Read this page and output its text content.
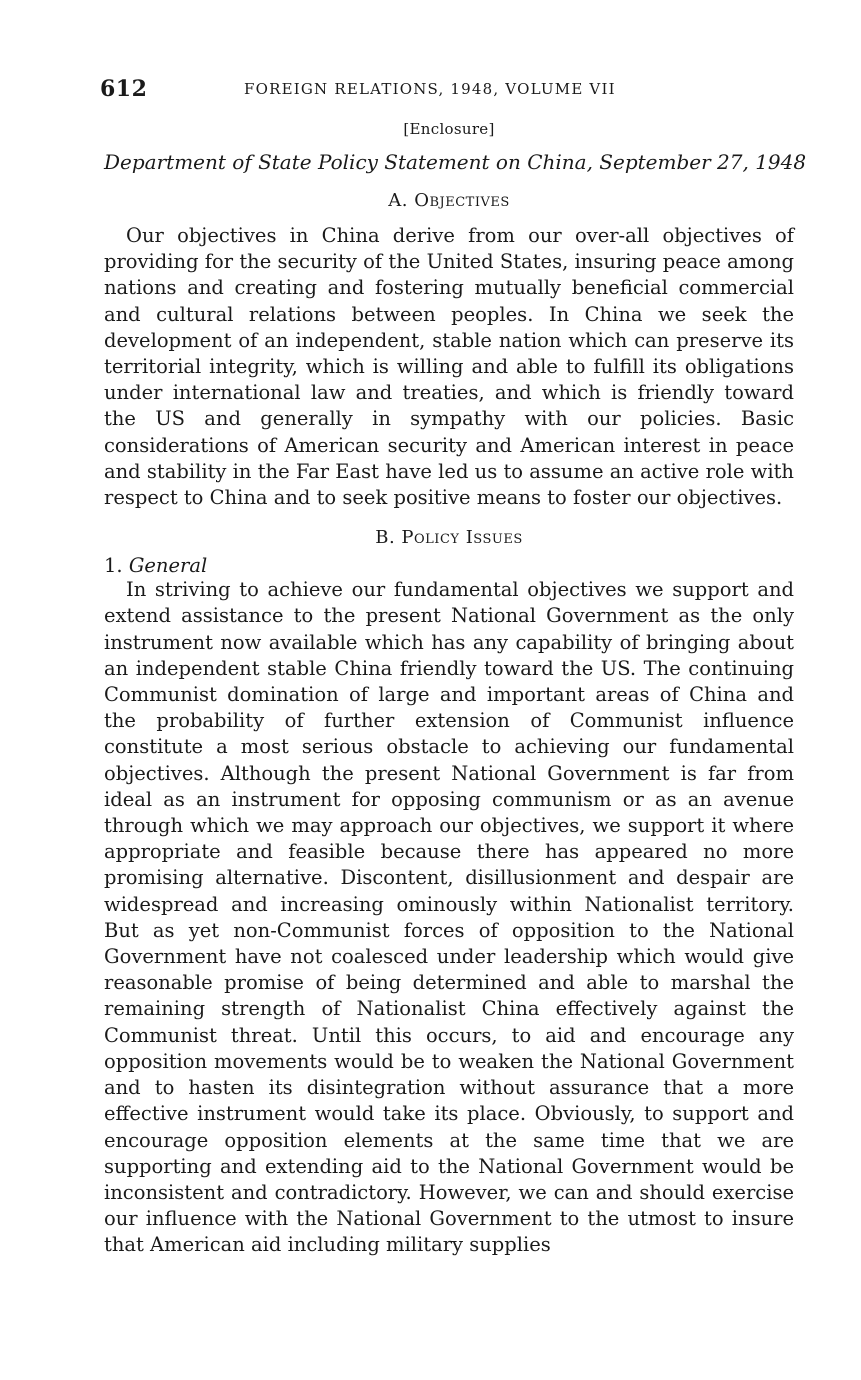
612	FOREIGN RELATIONS, 1948, VOLUME VII
[Enclosure]
Department of State Policy Statement on China, September 27, 1948
A. Objectives

Our objectives in China derive from our over-all objectives of providing for the security of the United States, insuring peace among nations and creating and fostering mutually beneficial commercial and cultural relations between peoples. In China we seek the development of an independent, stable nation which can preserve its territorial integrity, which is willing and able to fulfill its obligations under international law and treaties, and which is friendly toward the US and generally in sympathy with our policies. Basic considerations of American security and American interest in peace and stability in the Far East have led us to assume an active role with respect to China and to seek positive means to foster our objectives.

B. Policy Issues
1. General

In striving to achieve our fundamental objectives we support and extend assistance to the present National Government as the only instrument now available which has any capability of bringing about an independent stable China friendly toward the US. The continuing Communist domination of large and important areas of China and the probability of further extension of Communist influence constitute a most serious obstacle to achieving our fundamental objectives. Although the present National Government is far from ideal as an instrument for opposing communism or as an avenue through which we may approach our objectives, we support it where appropriate and feasible because there has appeared no more promising alternative. Discontent, disillusionment and despair are widespread and increasing ominously within Nationalist territory. But as yet non-Communist forces of opposition to the National Government have not coalesced under leadership which would give reasonable promise of being determined and able to marshal the remaining strength of Nationalist China effectively against the Communist threat. Until this occurs, to aid and encourage any opposition movements would be to weaken the National Government and to hasten its disintegration without assurance that a more effective instrument would take its place. Obviously, to support and encourage opposition elements at the same time that we are supporting and extending aid to the National Government would be inconsistent and contradictory. However, we can and should exercise our influence with the National Government to the utmost to insure that American aid including military supplies
